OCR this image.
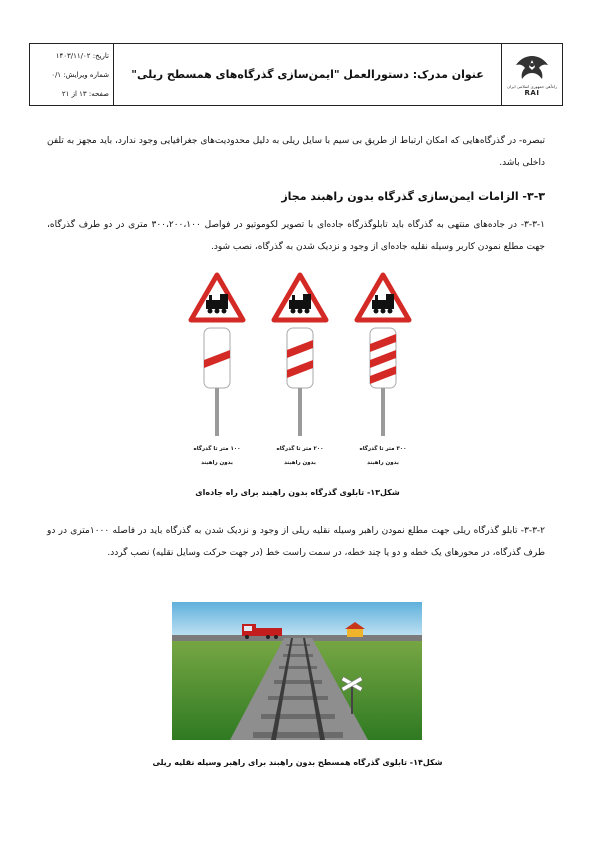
تاریخ: ۱۴۰۳/۱۱/۰۲
شماره ویرایش: ۰/۱
صفحه: ۱۳ از ۲۱
عنوان مدرک: دستورالعمل "ایمن‌سازی گذرگاه‌های همسطح ریلی"
راه‌آهن جمهوری اسلامی ایران
RAI
تبصره- در گذرگاه‌هایی که امکان ارتباط از طریق بی سیم با سایل ریلی به دلیل محدودیت‌های جغرافیایی وجود ندارد، باید مجهز به تلفن داخلی باشد.
۳-۳- الزامات ایمن‌سازی گذرگاه بدون راهبند مجاز
۳-۳-۱- در جاده‌های منتهی به گذرگاه باید تابلوگذرگاه جاده‌ای با تصویر لکوموتیو در فواصل ۳۰۰،۲۰۰،۱۰۰ متری در دو طرف گذرگاه، جهت مطلع نمودن کاربر وسیله نقلیه جاده‌ای از وجود و نزدیک شدن به گذرگاه، نصب شود.
۱۰۰ متر تا گذرگاه
بدون راهبند
۲۰۰ متر تا گذرگاه
بدون راهبند
۳۰۰ متر تا گذرگاه
بدون راهبند
شکل۱۳- تابلوی گذرگاه بدون راهبند برای راه جاده‌ای
۳-۳-۲- تابلو گذرگاه ریلی جهت مطلع نمودن راهبر وسیله نقلیه ریلی از وجود و نزدیک شدن به گذرگاه باید در فاصله ۱۰۰۰متری در دو طرف گذرگاه، در محورهای یک خطه و دو یا چند خطه، در سمت راست خط (در جهت حرکت وسایل نقلیه) نصب گردد.
شکل۱۴- تابلوی گذرگاه همسطح بدون راهبند برای راهبر وسیله نقلیه ریلی
